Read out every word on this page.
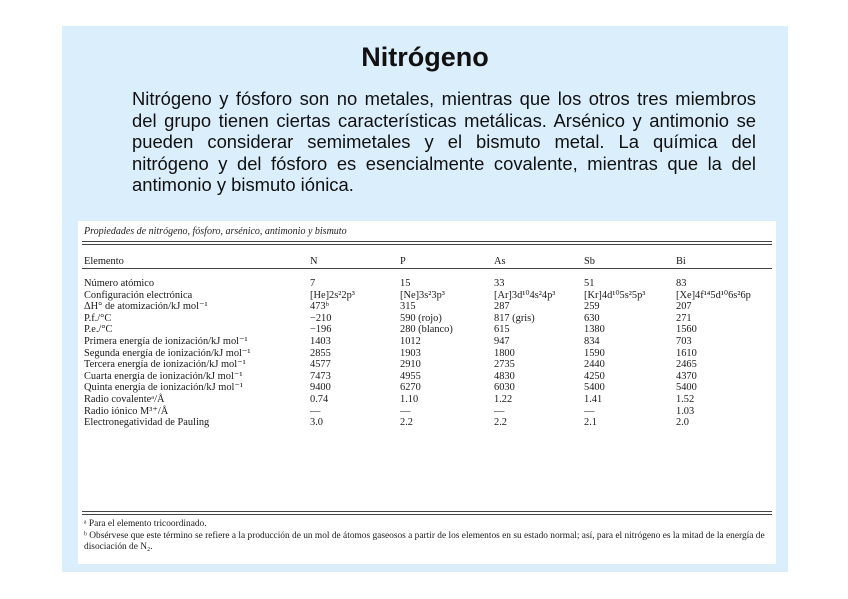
Nitrógeno
Nitrógeno y fósforo son no metales, mientras que los otros tres miembros del grupo tienen ciertas características metálicas. Arsénico y antimonio se pueden considerar semimetales y el bismuto metal. La química del nitrógeno y del fósforo es esencialmente covalente, mientras que la del antimonio y bismuto iónica.
Propiedades de nitrógeno, fósforo, arsénico, antimonio y bismuto
Elemento	N	P	As	Sb	Bi
Número atómico	7	15	33	51	83
Configuración electrónica	[He]2s²2p³	[Ne]3s²3p³	[Ar]3d¹⁰4s²4p³	[Kr]4d¹⁰5s²5p³	[Xe]4f¹⁴5d¹⁰6s²6p
ΔH° de atomización/kJ mol⁻¹	473ᵇ	315	287	259	207
P.f./°C	−210	590 (rojo)	817 (gris)	630	271
P.e./°C	−196	280 (blanco)	615	1380	1560
Primera energía de ionización/kJ mol⁻¹	1403	1012	947	834	703
Segunda energía de ionización/kJ mol⁻¹	2855	1903	1800	1590	1610
Tercera energía de ionización/kJ mol⁻¹	4577	2910	2735	2440	2465
Cuarta energía de ionización/kJ mol⁻¹	7473	4955	4830	4250	4370
Quinta energía de ionización/kJ mol⁻¹	9400	6270	6030	5400	5400
Radio covalenteᵃ/Å	0.74	1.10	1.22	1.41	1.52
Radio iónico M³⁺/Å	—	—	—	—	1.03
Electronegatividad de Pauling	3.0	2.2	2.2	2.1	2.0
ᵃ Para el elemento tricoordinado.
ᵇ Obsérvese que este término se refiere a la producción de un mol de átomos gaseosos a partir de los elementos en su estado normal; así, para el nitrógeno es la mitad de la energía de disociación de N₂.
